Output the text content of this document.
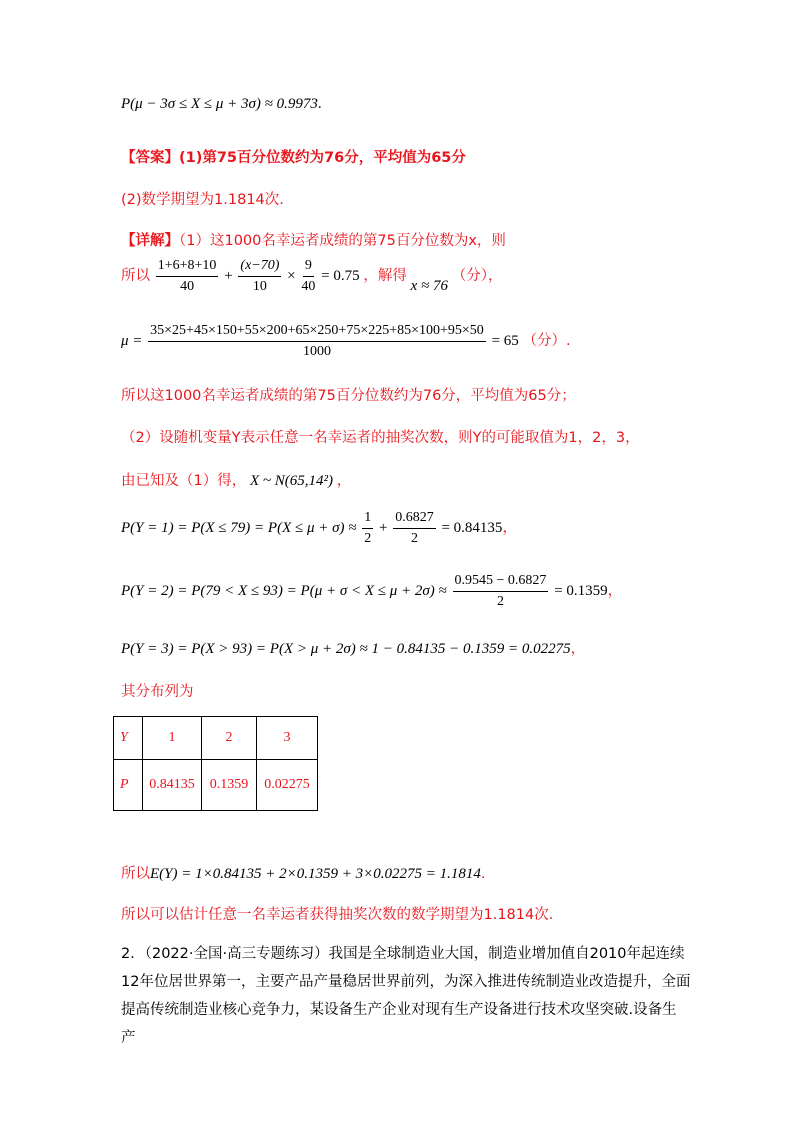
P(μ − 3σ ≤ X ≤ μ + 3σ) ≈ 0.9973.
【答案】(1)第75百分位数约为76分，平均值为65分
(2)数学期望为1.1814次.
【详解】（1）这1000名幸运者成绩的第75百分位数为x，则
所以 $\frac{1+6+8+10}{40} + \frac{(x-70)}{10} \times \frac{9}{40} = 0.75$ ，解得 x ≈ 76 （分），
$\mu = \frac{35\times 25+45\times 150+55\times 200+65\times 250+75\times 225+85\times 100+95\times 50}{1000} = 65$ （分）.
所以这1000名幸运者成绩的第75百分位数约为76分，平均值为65分；
（2）设随机变量Y表示任意一名幸运者的抽奖次数，则Y的可能取值为1，2，3，
由已知及（1）得， X ~ N(65,14²) ，
$P(Y = 1) = P(X \le 79) = P(X \le \mu + \sigma) \approx \frac{1}{2} + \frac{0.6827}{2} = 0.84135$，
$P(Y = 2) = P(79 < X \le 93) = P(\mu + \sigma < X \le \mu + 2\sigma) \approx \frac{0.9545 - 0.6827}{2} = 0.1359$，
P(Y = 3) = P(X > 93) = P(X > μ + 2σ) ≈ 1 − 0.84135 − 0.1359 = 0.02275，
其分布列为
Y	1	2	3
P	0.84135	0.1359	0.02275
所以E(Y) = 1×0.84135 + 2×0.1359 + 3×0.02275 = 1.1814.
所以可以估计任意一名幸运者获得抽奖次数的数学期望为1.1814次.
2．（2022·全国·高三专题练习）我国是全球制造业大国，制造业增加值自2010年起连续
12年位居世界第一，主要产品产量稳居世界前列，为深入推进传统制造业改造提升，全面
提高传统制造业核心竞争力，某设备生产企业对现有生产设备进行技术攻坚突破.设备生产
